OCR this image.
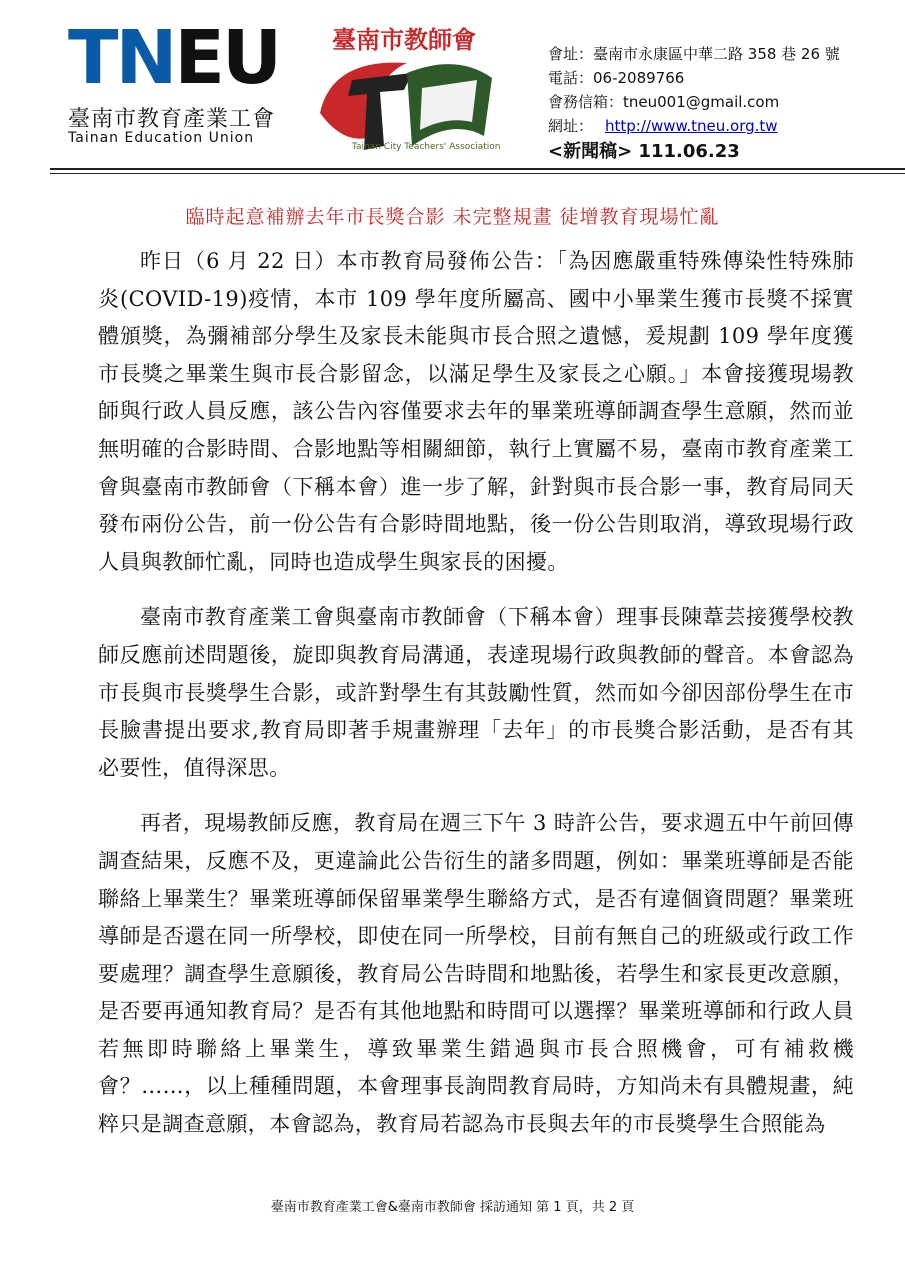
TNEU
臺南市教育產業工會
Tainan Education Union
臺南市教師會
Tainan City Teachers' Association
會址：臺南市永康區中華二路 358 巷 26 號
電話：06-2089766
會務信箱：tneu001@gmail.com
網址： http://www.tneu.org.tw
<新聞稿> 111.06.23
臨時起意補辦去年市長獎合影 未完整規畫 徒增教育現場忙亂

昨日（6 月 22 日）本市教育局發佈公告：「為因應嚴重特殊傳染性特殊肺炎(COVID-19)疫情，本市 109 學年度所屬高、國中小畢業生獲市長獎不採實體頒獎，為彌補部分學生及家長未能與市長合照之遺憾，爰規劃 109 學年度獲市長獎之畢業生與市長合影留念，以滿足學生及家長之心願。」本會接獲現場教師與行政人員反應，該公告內容僅要求去年的畢業班導師調查學生意願，然而並無明確的合影時間、合影地點等相關細節，執行上實屬不易，臺南市教育產業工會與臺南市教師會（下稱本會）進一步了解，針對與市長合影一事，教育局同天發布兩份公告，前一份公告有合影時間地點，後一份公告則取消，導致現場行政人員與教師忙亂，同時也造成學生與家長的困擾。

臺南市教育產業工會與臺南市教師會（下稱本會）理事長陳葦芸接獲學校教師反應前述問題後，旋即與教育局溝通，表達現場行政與教師的聲音。本會認為市長與市長獎學生合影，或許對學生有其鼓勵性質，然而如今卻因部份學生在市長臉書提出要求,教育局即著手規畫辦理「去年」的市長獎合影活動，是否有其必要性，值得深思。

再者，現場教師反應，教育局在週三下午 3 時許公告，要求週五中午前回傳調查結果，反應不及，更違論此公告衍生的諸多問題，例如：畢業班導師是否能聯絡上畢業生？畢業班導師保留畢業學生聯絡方式，是否有違個資問題？畢業班導師是否還在同一所學校，即使在同一所學校，目前有無自己的班級或行政工作要處理？調查學生意願後，教育局公告時間和地點後，若學生和家長更改意願，是否要再通知教育局？是否有其他地點和時間可以選擇？畢業班導師和行政人員若無即時聯絡上畢業生，導致畢業生錯過與市長合照機會，可有補救機會？……，以上種種問題，本會理事長詢問教育局時，方知尚未有具體規畫，純粹只是調查意願，本會認為，教育局若認為市長與去年的市長獎學生合照能為

臺南市教育產業工會&臺南市教師會 採訪通知 第 1 頁，共 2 頁
